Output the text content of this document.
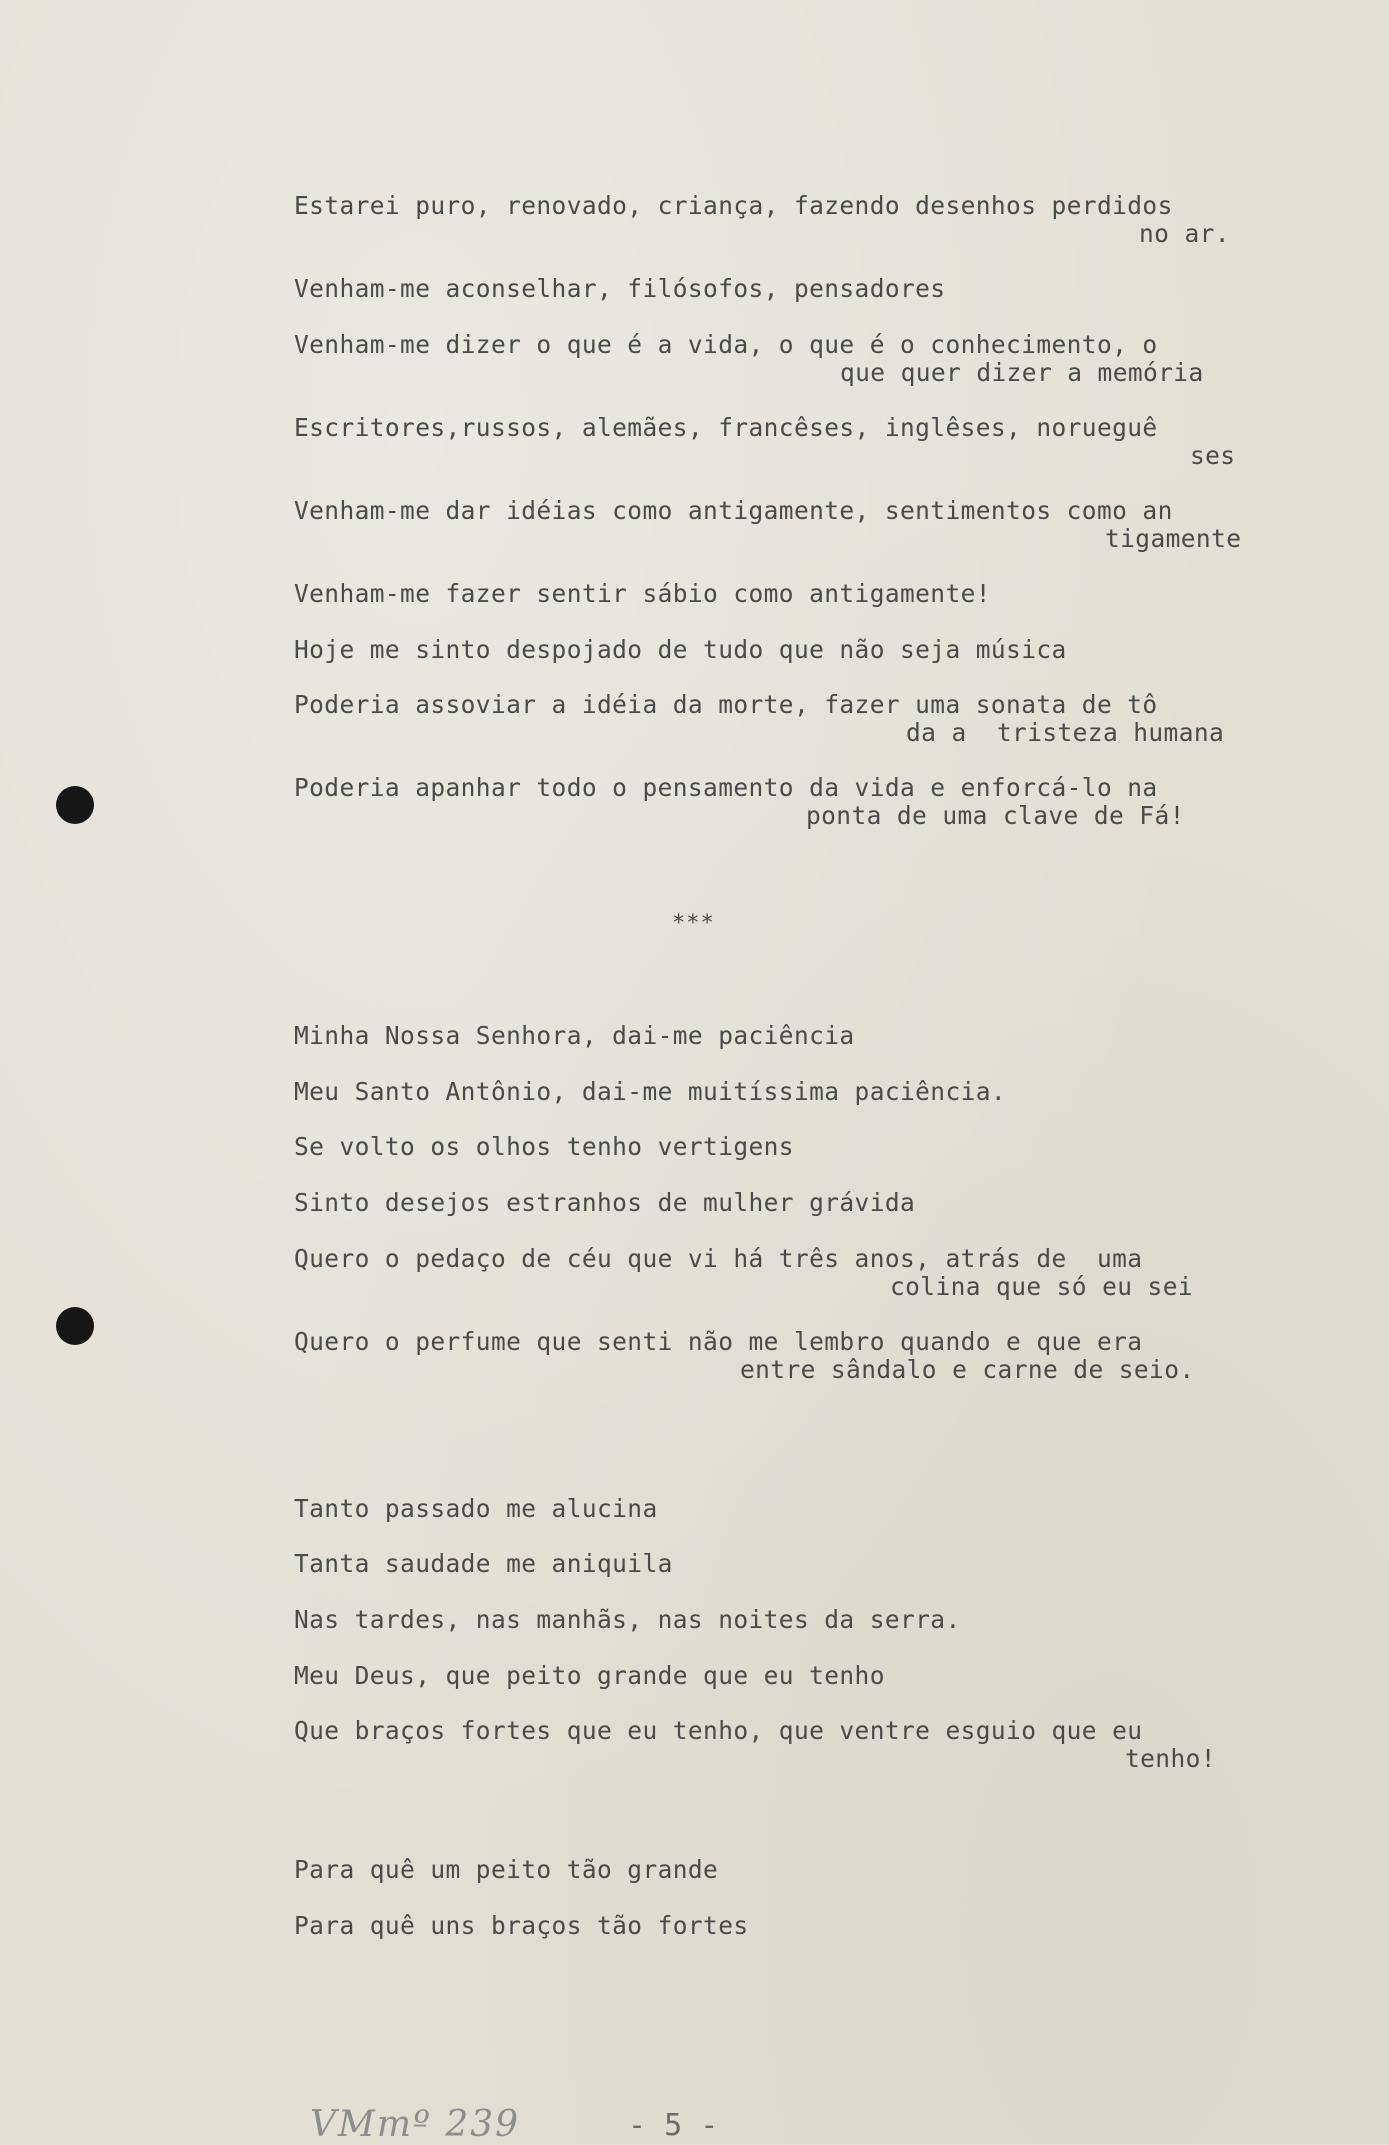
Estarei puro, renovado, criança, fazendo desenhos perdidos
no ar.
Venham-me aconselhar, filósofos, pensadores
Venham-me dizer o que é a vida, o que é o conhecimento, o
que quer dizer a memória
Escritores,russos, alemães, francêses, inglêses, norueguê
ses
Venham-me dar idéias como antigamente, sentimentos como an
tigamente
Venham-me fazer sentir sábio como antigamente!
Hoje me sinto despojado de tudo que não seja música
Poderia assoviar a idéia da morte, fazer uma sonata de tô
da a  tristeza humana
Poderia apanhar todo o pensamento da vida e enforcá-lo na
ponta de uma clave de Fá!
***
Minha Nossa Senhora, dai-me paciência
Meu Santo Antônio, dai-me muitíssima paciência.
Se volto os olhos tenho vertigens
Sinto desejos estranhos de mulher grávida
Quero o pedaço de céu que vi há três anos, atrás de  uma
colina que só eu sei
Quero o perfume que senti não me lembro quando e que era
entre sândalo e carne de seio.
Tanto passado me alucina
Tanta saudade me aniquila
Nas tardes, nas manhãs, nas noites da serra.
Meu Deus, que peito grande que eu tenho
Que braços fortes que eu tenho, que ventre esguio que eu
tenho!
Para quê um peito tão grande
Para quê uns braços tão fortes
VMmº 239	- 5 -
